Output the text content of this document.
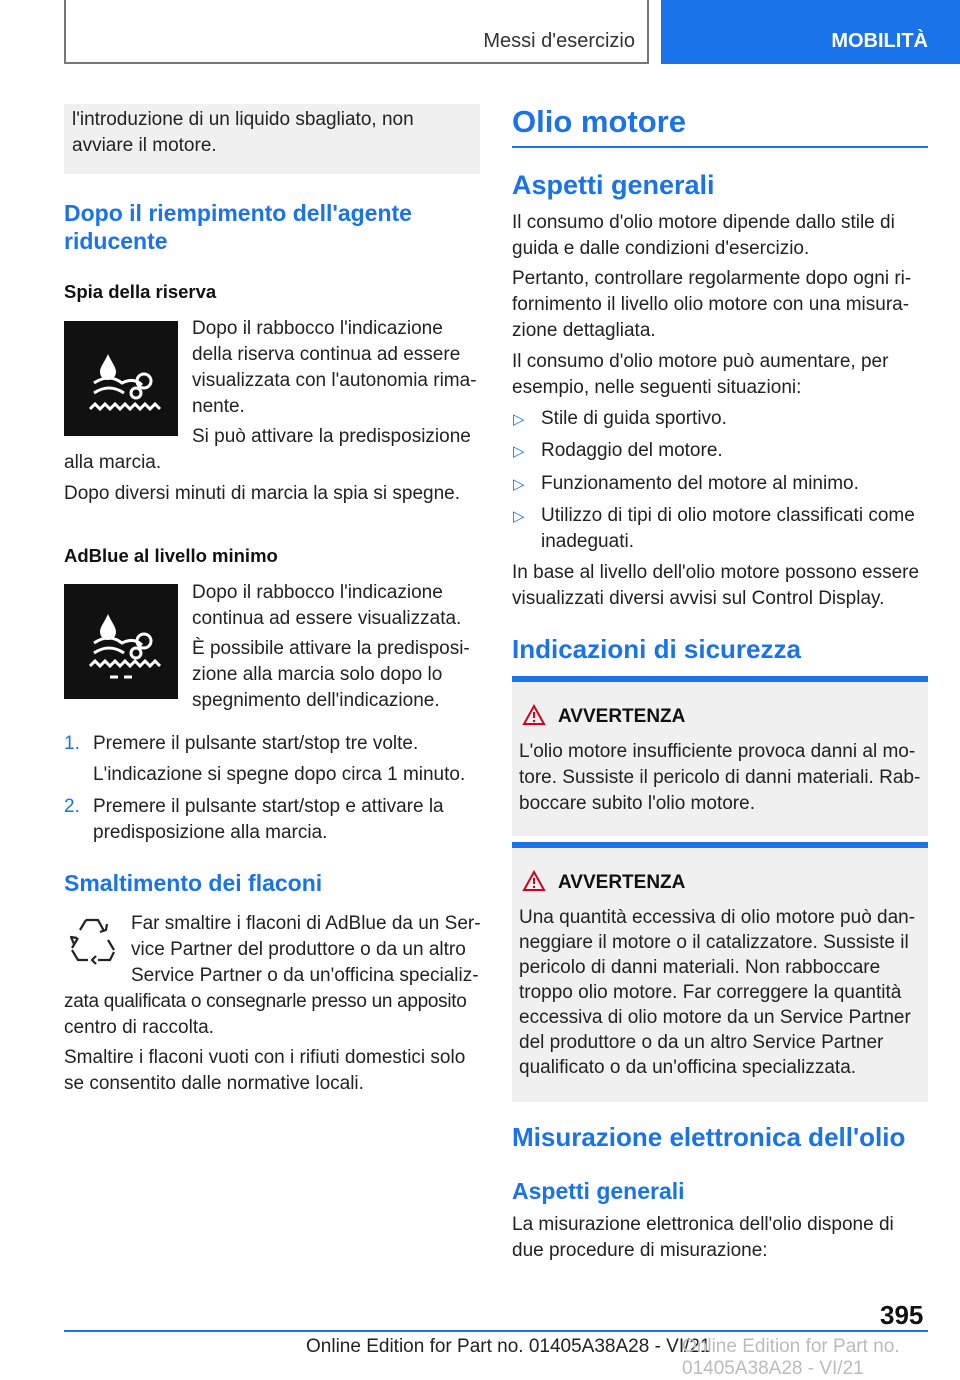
Messi d'esercizio	MOBILITÀ

l'introduzione di un liquido sbagliato, non

avviare il motore.

Dopo il riempimento dell'agente

riducente

Spia della riserva

Dopo il rabbocco l'indicazione

della riserva continua ad essere

visualizzata con l'autonomia rima-

nente.

Si può attivare la predisposizione

alla marcia.

Dopo diversi minuti di marcia la spia si spegne.

AdBlue al livello minimo

Dopo il rabbocco l'indicazione

continua ad essere visualizzata.

È possibile attivare la predisposi-

zione alla marcia solo dopo lo

spegnimento dell'indicazione.

1. Premere il pulsante start/stop tre volte.

L'indicazione si spegne dopo circa 1 minuto.

2. Premere il pulsante start/stop e attivare la

predisposizione alla marcia.

Smaltimento dei flaconi

Far smaltire i flaconi di AdBlue da un Ser-

vice Partner del produttore o da un altro

Service Partner o da un'officina specializ-

zata qualificata o consegnarle presso un apposito

centro di raccolta.

Smaltire i flaconi vuoti con i rifiuti domestici solo

se consentito dalle normative locali.

Olio motore

Aspetti generali

Il consumo d'olio motore dipende dallo stile di

guida e dalle condizioni d'esercizio.

Pertanto, controllare regolarmente dopo ogni ri-

fornimento il livello olio motore con una misura-

zione dettagliata.

Il consumo d'olio motore può aumentare, per

esempio, nelle seguenti situazioni:

▷ Stile di guida sportivo.

▷ Rodaggio del motore.

▷ Funzionamento del motore al minimo.

▷ Utilizzo di tipi di olio motore classificati come

inadeguati.

In base al livello dell'olio motore possono essere

visualizzati diversi avvisi sul Control Display.

Indicazioni di sicurezza

AVVERTENZA

L'olio motore insufficiente provoca danni al mo-

tore. Sussiste il pericolo di danni materiali. Rab-

boccare subito l'olio motore.

AVVERTENZA

Una quantità eccessiva di olio motore può dan-

neggiare il motore o il catalizzatore. Sussiste il

pericolo di danni materiali. Non rabboccare

troppo olio motore. Far correggere la quantità

eccessiva di olio motore da un Service Partner

del produttore o da un altro Service Partner

qualificato o da un'officina specializzata.

Misurazione elettronica dell'olio

Aspetti generali

La misurazione elettronica dell'olio dispone di

due procedure di misurazione:

395
Online Edition for Part no. 01405A38A28 - VI/21
Online Edition for Part no. 01405A38A28 - VI/21
